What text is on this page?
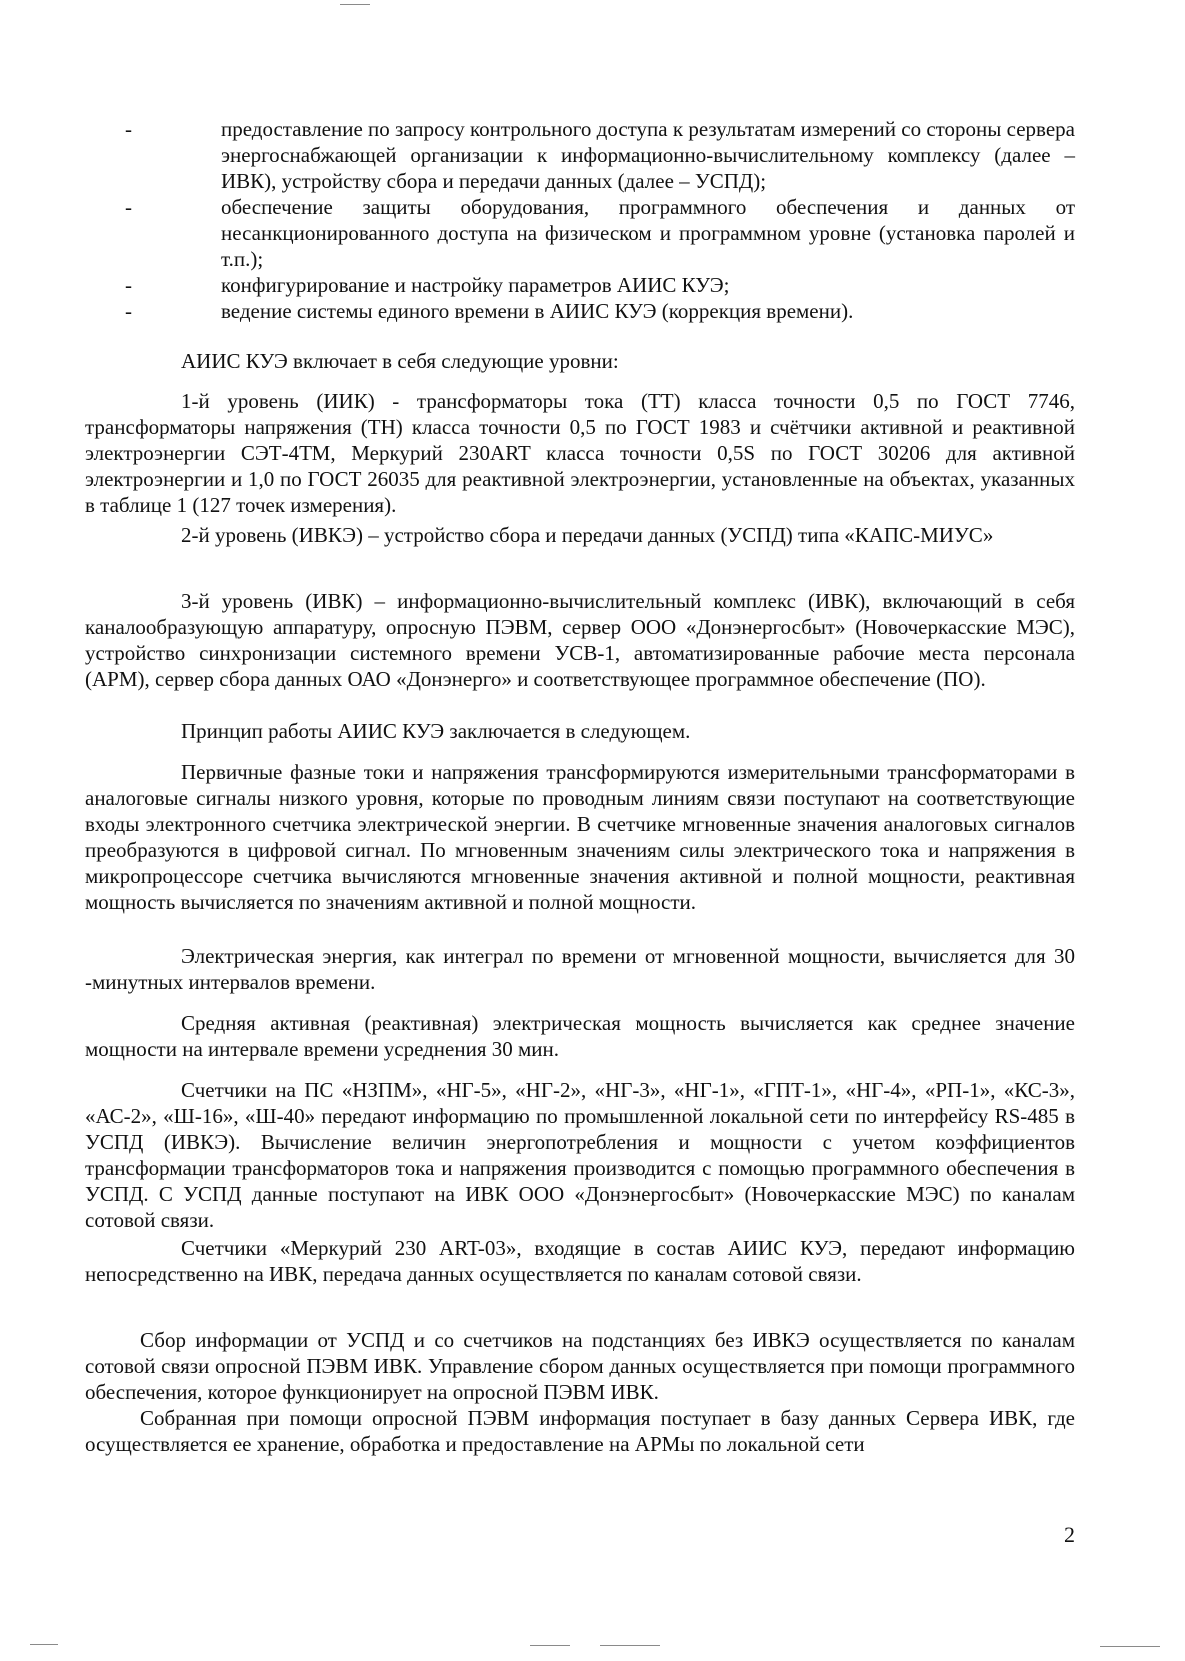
-	предоставление по запросу контрольного доступа к результатам измерений со стороны сервера энергоснабжающей организации к информационно-вычислительному комплексу (далее – ИВК), устройству сбора и передачи данных (далее – УСПД);
-	обеспечение защиты оборудования, программного обеспечения и данных от несанкционированного доступа на физическом и программном уровне (установка паролей и т.п.);
-	конфигурирование и настройку параметров АИИС КУЭ;
-	ведение системы единого времени в АИИС КУЭ (коррекция времени).

АИИС КУЭ включает в себя следующие уровни:

1-й уровень (ИИК) - трансформаторы тока (ТТ) класса точности 0,5 по ГОСТ 7746, трансформаторы напряжения (ТН) класса точности 0,5 по ГОСТ 1983 и счётчики активной и реактивной электроэнергии СЭТ-4ТМ, Меркурий 230ART класса точности 0,5S по ГОСТ 30206 для активной электроэнергии и 1,0 по ГОСТ 26035 для реактивной электроэнергии, установленные на объектах, указанных в таблице 1 (127 точек измерения).

2-й уровень (ИВКЭ) – устройство сбора и передачи данных (УСПД) типа «КАПС-МИУС»

3-й уровень (ИВК) – информационно-вычислительный комплекс (ИВК), включающий в себя каналообразующую аппаратуру, опросную ПЭВМ, сервер ООО «Донэнергосбыт» (Новочеркасские МЭС), устройство синхронизации системного времени УСВ-1, автоматизированные рабочие места персонала (АРМ), сервер сбора данных ОАО «Донэнерго» и соответствующее программное обеспечение (ПО).

Принцип работы АИИС КУЭ заключается в следующем.

Первичные фазные токи и напряжения трансформируются измерительными трансформаторами в аналоговые сигналы низкого уровня, которые по проводным линиям связи поступают на соответствующие входы электронного счетчика электрической энергии. В счетчике мгновенные значения аналоговых сигналов преобразуются в цифровой сигнал. По мгновенным значениям силы электрического тока и напряжения в микропроцессоре счетчика вычисляются мгновенные значения активной и полной мощности, реактивная мощность вычисляется по значениям активной и полной мощности.

Электрическая энергия, как интеграл по времени от мгновенной мощности, вычисляется для 30 -минутных интервалов времени.

Средняя активная (реактивная) электрическая мощность вычисляется как среднее значение мощности на интервале времени усреднения 30 мин.

Счетчики на ПС «НЗПМ», «НГ-5», «НГ-2», «НГ-3», «НГ-1», «ГПТ-1», «НГ-4», «РП-1», «КС-3», «АС-2», «Ш-16», «Ш-40» передают информацию по промышленной локальной сети по интерфейсу RS-485 в УСПД (ИВКЭ). Вычисление величин энергопотребления и мощности с учетом коэффициентов трансформации трансформаторов тока и напряжения производится с помощью программного обеспечения в УСПД. С УСПД данные поступают на ИВК ООО «Донэнергосбыт» (Новочеркасские МЭС) по каналам сотовой связи.

Счетчики «Меркурий 230 ART-03», входящие в состав АИИС КУЭ, передают информацию непосредственно на ИВК, передача данных осуществляется по каналам сотовой связи.

Сбор информации от УСПД и со счетчиков на подстанциях без ИВКЭ осуществляется по каналам сотовой связи опросной ПЭВМ ИВК. Управление сбором данных осуществляется при помощи программного обеспечения, которое функционирует на опросной ПЭВМ ИВК.

Собранная при помощи опросной ПЭВМ информация поступает в базу данных Сервера ИВК, где осуществляется ее хранение, обработка и предоставление на АРМы по локальной сети

2
